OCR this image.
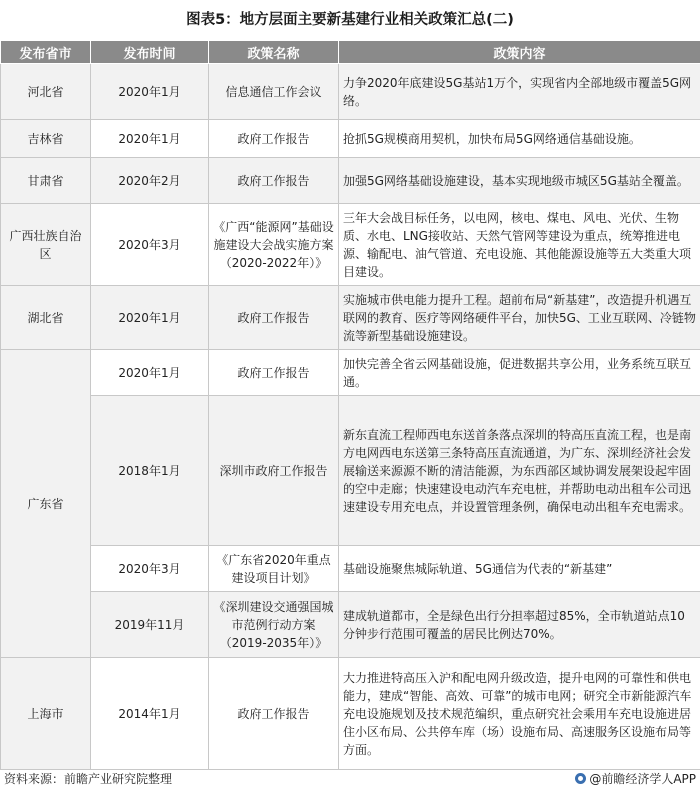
图表5：地方层面主要新基建行业相关政策汇总(二)
发布省市	发布时间	政策名称	政策内容
河北省	2020年1月	信息通信工作会议	力争2020年底建设5G基站1万个，实现省内全部地级市覆盖5G网络。
吉林省	2020年1月	政府工作报告	抢抓5G规模商用契机，加快布局5G网络通信基础设施。
甘肃省	2020年2月	政府工作报告	加强5G网络基础设施建设，基本实现地级市城区5G基站全覆盖。
广西壮族自治区	2020年3月	《广西“能源网”基础设施建设大会战实施方案（2020-2022年）》	三年大会战目标任务，以电网，核电、煤电、风电、光伏、生物质、水电、LNG接收站、天然气管网等建设为重点，统筹推进电源、输配电、油气管道、充电设施、其他能源设施等五大类重大项目建设。
湖北省	2020年1月	政府工作报告	实施城市供电能力提升工程。超前布局“新基建”，改造提升机遇互联网的教育、医疗等网络硬件平台，加快5G、工业互联网、冷链物流等新型基础设施建设。
广东省	2020年1月	政府工作报告	加快完善全省云网基础设施，促进数据共享公用，业务系统互联互通。
	2018年1月	深圳市政府工作报告	新东直流工程师西电东送首条落点深圳的特高压直流工程，也是南方电网西电东送第三条特高压直流通道，为广东、深圳经济社会发展输送来源源不断的清洁能源，为东西部区域协调发展架设起牢固的空中走廊；快速建设电动汽车充电桩，并帮助电动出租车公司迅速建设专用充电点，并设置管理条例，确保电动出租车充电需求。
	2020年3月	《广东省2020年重点建设项目计划》	基础设施聚焦城际轨道、5G通信为代表的“新基建”
	2019年11月	《深圳建设交通强国城市范例行动方案（2019-2035年）》	建成轨道都市，全是绿色出行分担率超过85%，全市轨道站点10分钟步行范围可覆盖的居民比例达70%。
上海市	2014年1月	政府工作报告	大力推进特高压入沪和配电网升级改造，提升电网的可靠性和供电能力，建成“智能、高效、可靠”的城市电网；研究全市新能源汽车充电设施规划及技术规范编织，重点研究社会乘用车充电设施进居住小区布局、公共停车库（场）设施布局、高速服务区设施布局等方面。
资料来源：前瞻产业研究院整理	@前瞻经济学人APP
